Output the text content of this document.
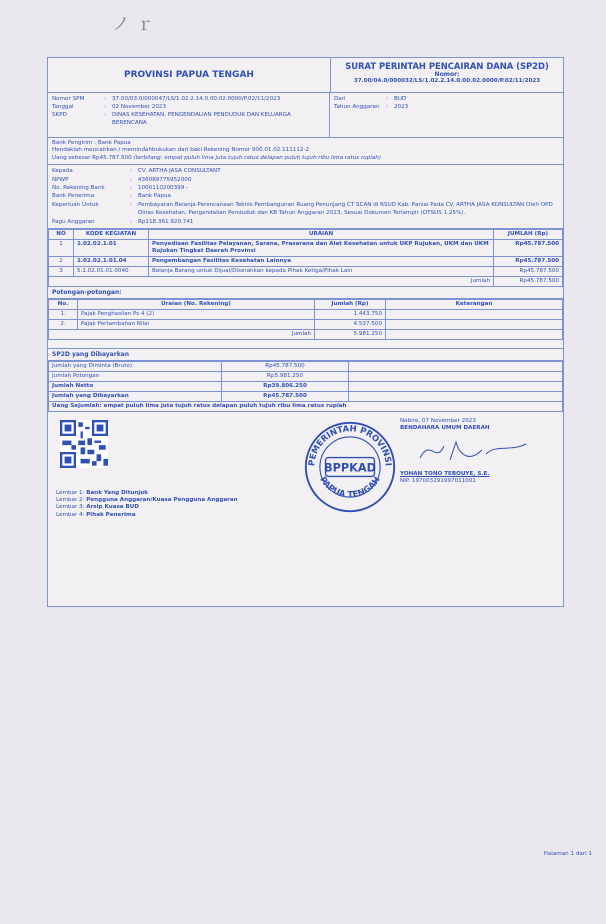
ノ ｒ
PROVINSI PAPUA TENGAH
SURAT PERINTAH PENCAIRAN DANA (SP2D)
Nomor:
37.00/04.0/000032/LS/1.02.2.14.0.00.02.0000/P.02/11/2023
Nomor SPM	:	37.00/03.0/000047/LS/1.02.2.14.0.00.02.0000/P.02/11/2023
Tanggal	:	02 November 2023
SKPD	:	DINAS KESEHATAN, PENGENDALIAN PENDUDUK DAN KELUARGA BERENCANA
Dari	:	BUD
Tahun Anggaran	:	2023
Bank Pengirim : Bank Papua
Hendaklah mencairkan / memindahbukukan dari baki Rekening Nomor 900.01.02.111112-2
Uang sebesar Rp45.787.500 (terbilang: empat puluh lima juta tujuh ratus delapan puluh tujuh ribu lima ratus rupiah)
Kepada	:	CV. ARTHA JASA CONSULTANT
NPWP	:	436089775952000
No. Rekening Bank	:	1000110200399 -
Bank Penerima	:	Bank Papua
Keperluan Untuk	:	Pembayaran Belanja Perencanaan Teknis Pembangunan Ruang Penunjang CT SCAN di RSUD Kab. Paniai Pada CV. ARTHA JASA KONSULTAN Oleh OPD Dinas Kesehatan, Pengendalian Penduduk dan KB Tahun Anggaran 2023, Sesuai Dokumen Terlampir (OTSUS 1.25%).
Pagu Anggaran	:	Rp118.361.920.741
NO	KODE KEGIATAN	URAIAN	JUMLAH (Rp)
1	1.02.02.1.01	Penyediaan Fasilitas Pelayanan, Sarana, Prasarana dan Alat Kesehatan untuk UKP Rujukan, UKM dan UKM Rujukan Tingkat Daerah Provinsi	Rp45.787.500
2	1.02.02.1.01.04	Pengembangan Fasilitas Kesehatan Lainnya	Rp45.787.500
3	5.1.02.01.01.0040	Belanja Barang untuk Dijual/Diserahkan kepada Pihak Ketiga/Pihak Lain	Rp45.787.500
Jumlah			Rp45.787.500
Potongan-potongan:
No.	Uraian (No. Rekening)	Jumlah (Rp)	Keterangan
1.	Pajak Penghasilan Ps 4 (2)	1.443.750	
2.	Pajak Pertambahan Nilai	4.537.500	
Jumlah		5.981.250	
SP2D yang Dibayarkan
Jumlah yang Diminta (Bruto)	Rp45.787.500	
Jumlah Potongan	Rp5.981.250	
Jumlah Netto	Rp39.806.250	
Jumlah yang Dibayarkan	Rp45.787.500	
Uang Sejumlah: empat puluh lima juta tujuh ratus delapan puluh tujuh ribu lima ratus rupiah		
PEMERINTAH PROVINSI
PAPUA TENGAH
BPPKAD
Nabire, 07 November 2023
BENDAHARA UMUM DAERAH
YOHAN TONO TEBOUYE, S.E.
NIP. 197003291997011001
Lembar 1: Bank Yang Ditunjuk
Lembar 2: Pengguna Anggaran/Kuasa Pengguna Anggaran
Lembar 3: Arsip Kuasa BUD
Lembar 4: Pihak Penerima
Halaman 1 dari 1
